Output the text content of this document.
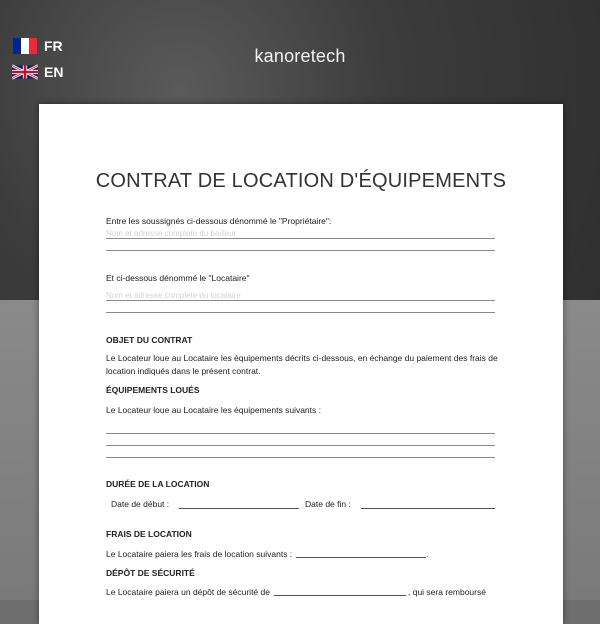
FR
EN
kanoretech
CONTRAT DE LOCATION D'ÉQUIPEMENTS
Entre les soussignés ci-dessous dénommé le "Propriétaire":
Nom et adresse complète du bailleur
Et ci-dessous dénommé le "Locataire"
Nom et adresse complète du locataire
OBJET DU CONTRAT
Le Locateur loue au Locataire les équipements décrits ci-dessous, en échange du paiement des frais de location indiqués dans le présent contrat.
ÉQUIPEMENTS LOUÉS
Le Locateur loue au Locataire les équipements suivants :
DURÉE DE LA LOCATION
Date de début :	Date de fin :
FRAIS DE LOCATION
Le Locataire paiera les frais de location suivants :	.
DÉPÔT DE SÉCURITÉ
Le Locataire paiera un dépôt de sécurité de	, qui sera remboursé
